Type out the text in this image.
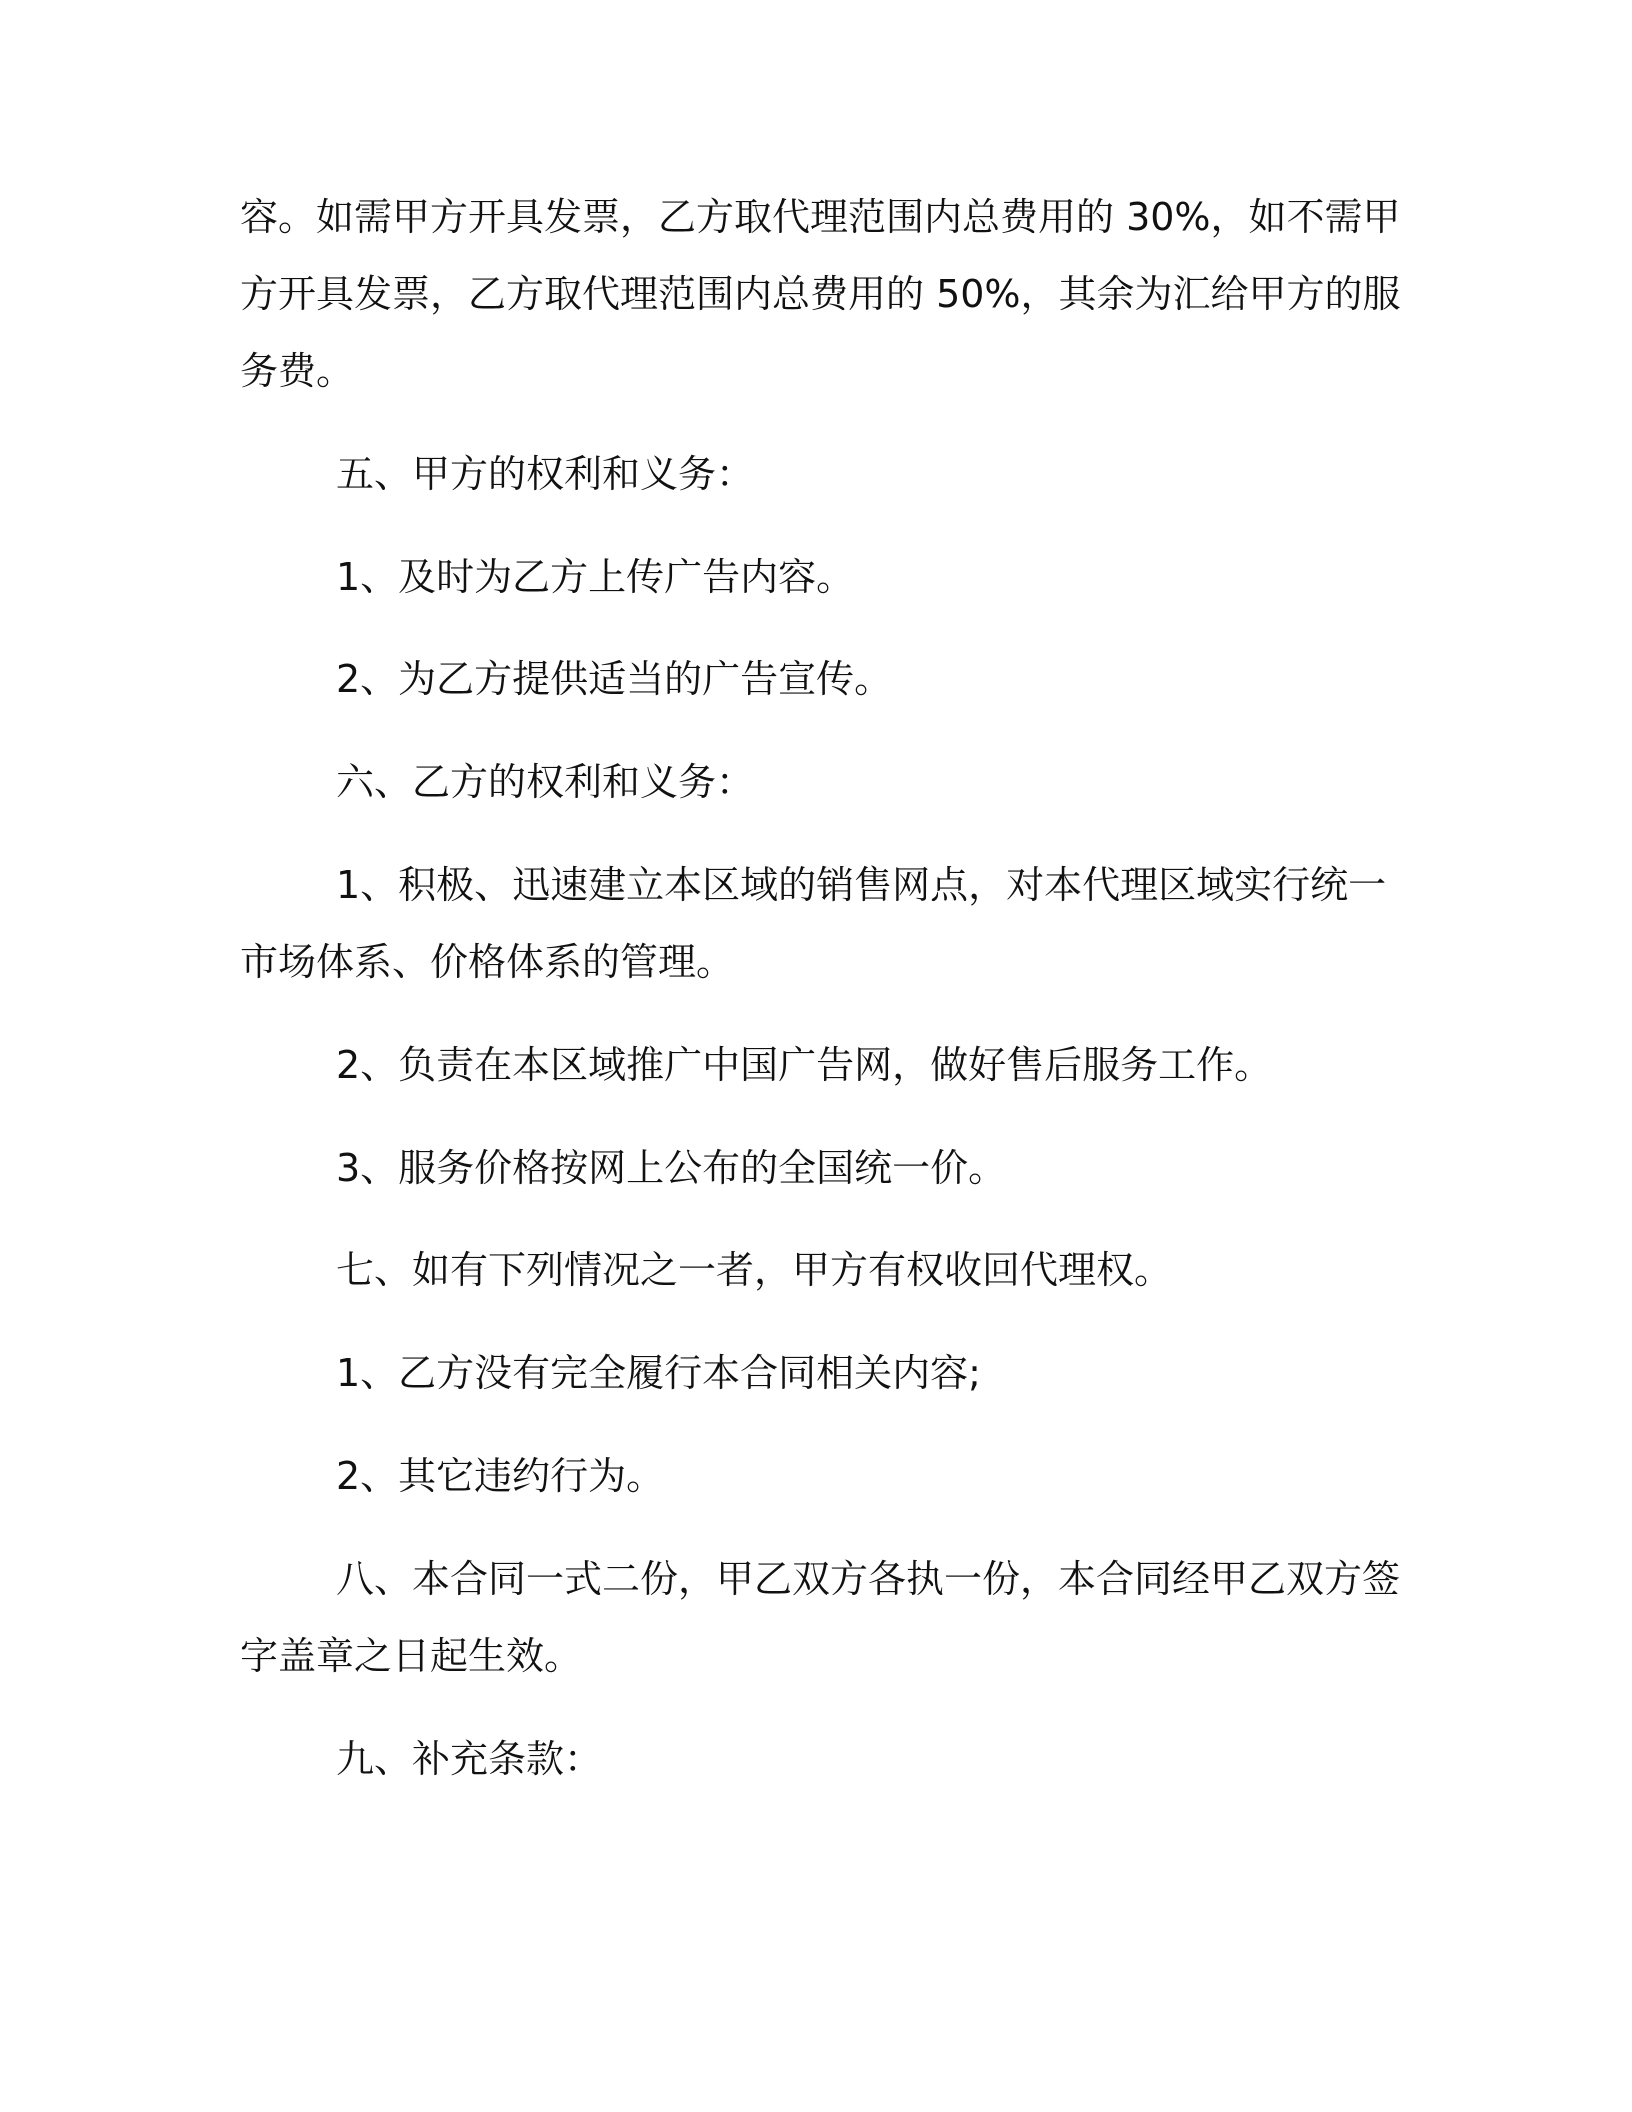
容。如需甲方开具发票，乙方取代理范围内总费用的 30%，如不需甲
方开具发票，乙方取代理范围内总费用的 50%，其余为汇给甲方的服
务费。
五、甲方的权利和义务：
1、及时为乙方上传广告内容。
2、为乙方提供适当的广告宣传。
六、乙方的权利和义务：
1、积极、迅速建立本区域的销售网点，对本代理区域实行统一
市场体系、价格体系的管理。
2、负责在本区域推广中国广告网，做好售后服务工作。
3、服务价格按网上公布的全国统一价。
七、如有下列情况之一者，甲方有权收回代理权。
1、乙方没有完全履行本合同相关内容;
2、其它违约行为。
八、本合同一式二份，甲乙双方各执一份，本合同经甲乙双方签
字盖章之日起生效。
九、补充条款：
